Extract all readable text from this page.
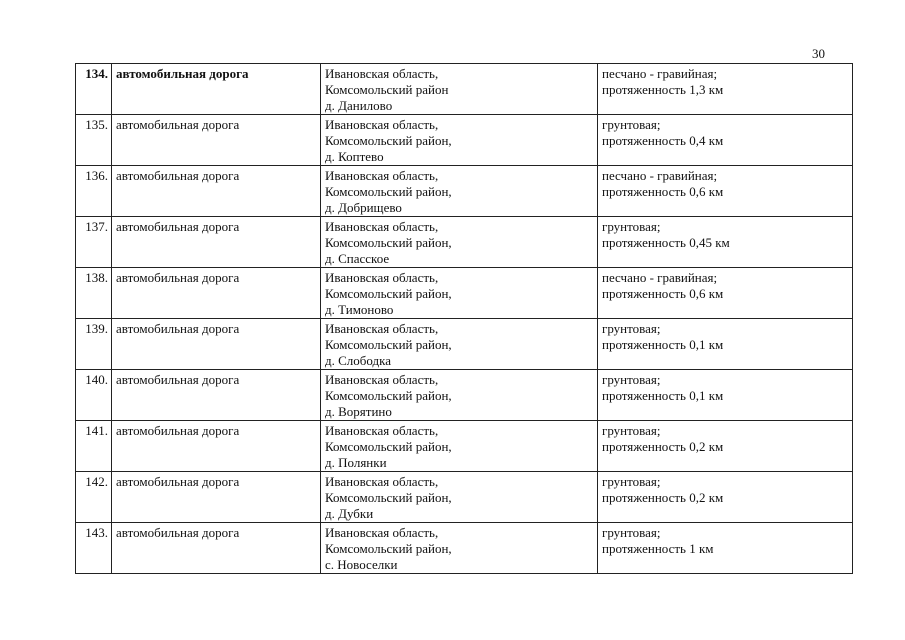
30
134.	автомобильная дорога	Ивановская область,
Комсомольский район
д. Данилово	песчано - гравийная;
протяженность 1,3 км

135.	автомобильная дорога	Ивановская область,
Комсомольский район,
д. Коптево	грунтовая;
протяженность 0,4 км

136.	автомобильная дорога	Ивановская область,
Комсомольский район,
д. Добрищево	песчано - гравийная;
протяженность 0,6 км

137.	автомобильная дорога	Ивановская область,
Комсомольский район,
д. Спасское	грунтовая;
протяженность 0,45 км

138.	автомобильная дорога	Ивановская область,
Комсомольский район,
д. Тимоново	песчано - гравийная;
протяженность 0,6 км

139.	автомобильная дорога	Ивановская область,
Комсомольский район,
д. Слободка	грунтовая;
протяженность 0,1 км

140.	автомобильная дорога	Ивановская область,
Комсомольский район,
д. Ворятино	грунтовая;
протяженность 0,1 км

141.	автомобильная дорога	Ивановская область,
Комсомольский район,
д. Полянки	грунтовая;
протяженность 0,2 км

142.	автомобильная дорога	Ивановская область,
Комсомольский район,
д. Дубки	грунтовая;
протяженность 0,2 км

143.	автомобильная дорога	Ивановская область,
Комсомольский район,
с. Новоселки	грунтовая;
протяженность 1 км
